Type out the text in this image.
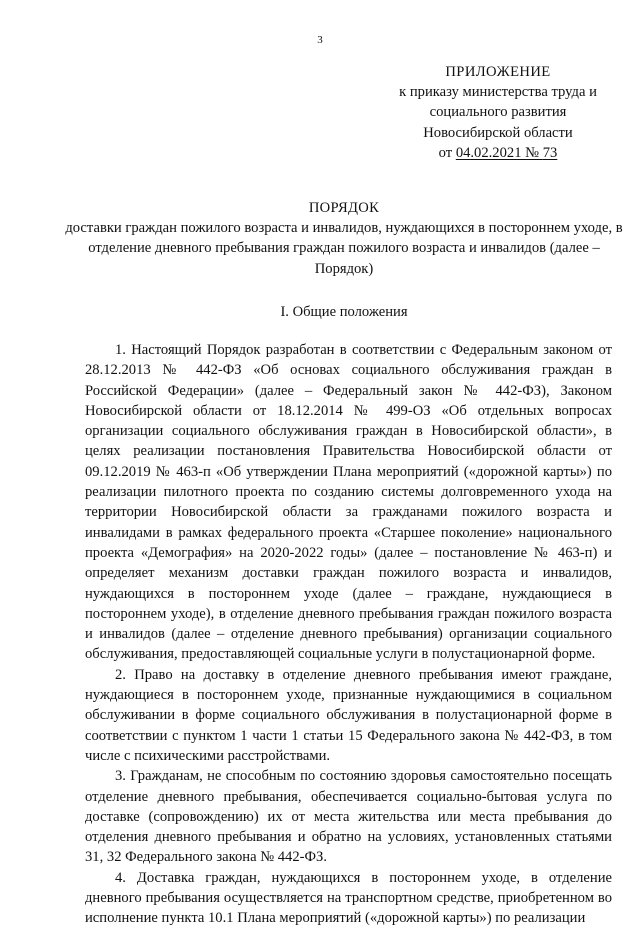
3
ПРИЛОЖЕНИЕ
к приказу министерства труда и
социального развития
Новосибирской области
от 04.02.2021 № 73
ПОРЯДОК
доставки граждан пожилого возраста и инвалидов, нуждающихся в постороннем уходе, в отделение дневного пребывания граждан пожилого возраста и инвалидов (далее – Порядок)
I. Общие положения

1. Настоящий Порядок разработан в соответствии с Федеральным законом от 28.12.2013 № 442-ФЗ «Об основах социального обслуживания граждан в Российской Федерации» (далее – Федеральный закон № 442-ФЗ), Законом Новосибирской области от 18.12.2014 № 499-ОЗ «Об отдельных вопросах организации социального обслуживания граждан в Новосибирской области», в целях реализации постановления Правительства Новосибирской области от 09.12.2019 № 463-п «Об утверждении Плана мероприятий («дорожной карты») по реализации пилотного проекта по созданию системы долговременного ухода на территории Новосибирской области за гражданами пожилого возраста и инвалидами в рамках федерального проекта «Старшее поколение» национального проекта «Демография» на 2020-2022 годы» (далее – постановление № 463-п) и определяет механизм доставки граждан пожилого возраста и инвалидов, нуждающихся в постороннем уходе (далее – граждане, нуждающиеся в постороннем уходе), в отделение дневного пребывания граждан пожилого возраста и инвалидов (далее – отделение дневного пребывания) организации социального обслуживания, предоставляющей социальные услуги в полустационарной форме.

2. Право на доставку в отделение дневного пребывания имеют граждане, нуждающиеся в постороннем уходе, признанные нуждающимися в социальном обслуживании в форме социального обслуживания в полустационарной форме в соответствии с пунктом 1 части 1 статьи 15 Федерального закона № 442-ФЗ, в том числе с психическими расстройствами.

3. Гражданам, не способным по состоянию здоровья самостоятельно посещать отделение дневного пребывания, обеспечивается социально-бытовая услуга по доставке (сопровождению) их от места жительства или места пребывания до отделения дневного пребывания и обратно на условиях, установленных статьями 31, 32 Федерального закона № 442-ФЗ.

4. Доставка граждан, нуждающихся в постороннем уходе, в отделение дневного пребывания осуществляется на транспортном средстве, приобретенном во исполнение пункта 10.1 Плана мероприятий («дорожной карты») по реализации
